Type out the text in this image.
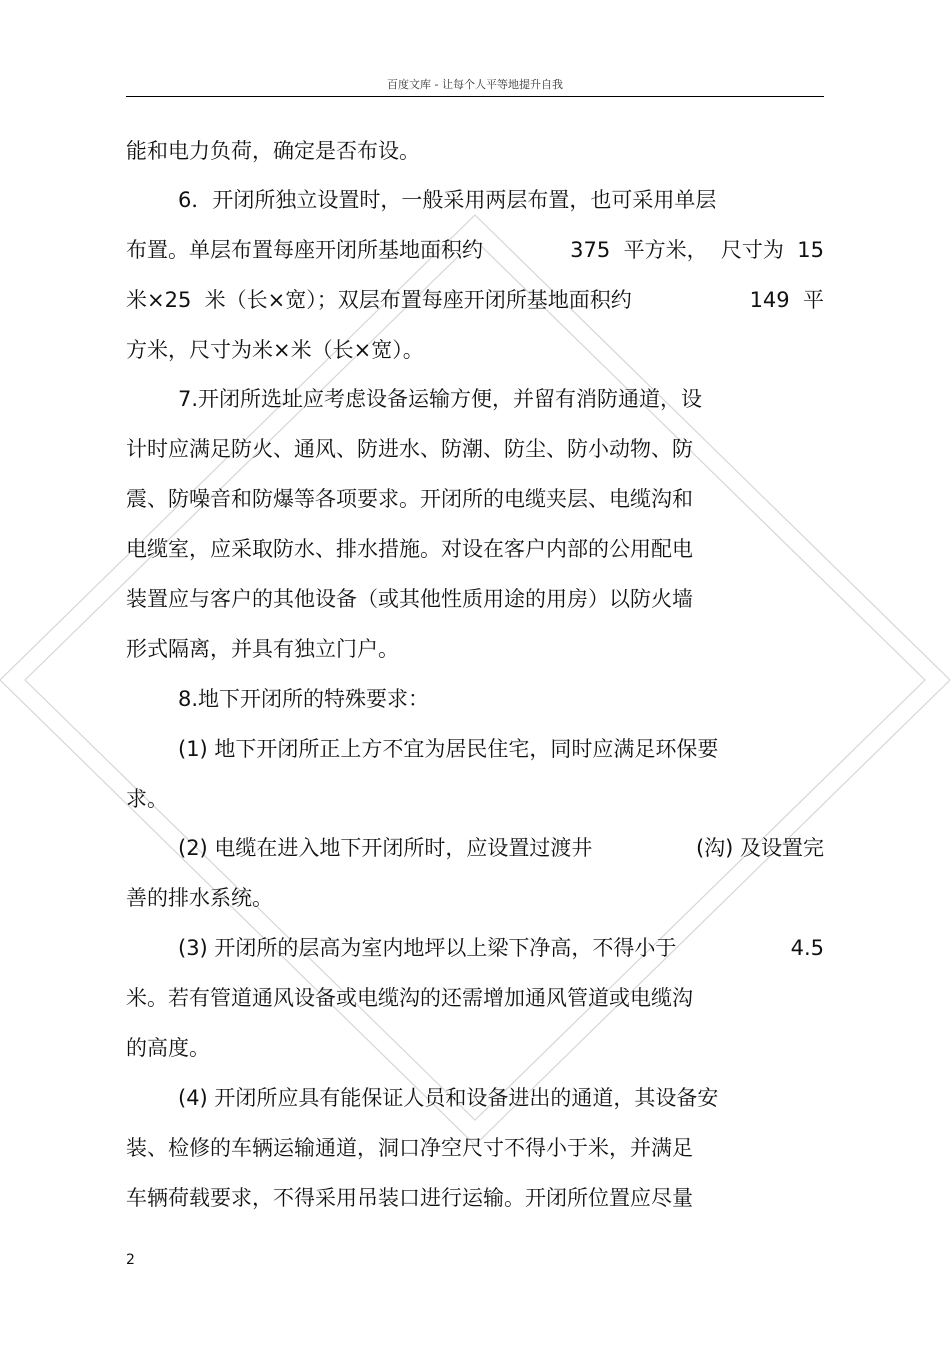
百度文库 - 让每个人平等地提升自我
能和电力负荷，确定是否布设。
6．开闭所独立设置时，一般采用两层布置，也可采用单层
布置。单层布置每座开闭所基地面积约	375  平方米，  尺寸为  15
米×25  米（长×宽）；双层布置每座开闭所基地面积约	149  平
方米，尺寸为米×米（长×宽）。
7.开闭所选址应考虑设备运输方便，并留有消防通道，设
计时应满足防火、通风、防进水、防潮、防尘、防小动物、防
震、防噪音和防爆等各项要求。开闭所的电缆夹层、电缆沟和
电缆室，应采取防水、排水措施。对设在客户内部的公用配电
装置应与客户的其他设备（或其他性质用途的用房）以防火墙
形式隔离，并具有独立门户。
8.地下开闭所的特殊要求：
(1) 地下开闭所正上方不宜为居民住宅，同时应满足环保要
求。
(2) 电缆在进入地下开闭所时，应设置过渡井	(沟) 及设置完
善的排水系统。
(3) 开闭所的层高为室内地坪以上梁下净高，不得小于	4.5
米。若有管道通风设备或电缆沟的还需增加通风管道或电缆沟
的高度。
(4) 开闭所应具有能保证人员和设备进出的通道，其设备安
装、检修的车辆运输通道，洞口净空尺寸不得小于米，并满足
车辆荷载要求，不得采用吊装口进行运输。开闭所位置应尽量
2
